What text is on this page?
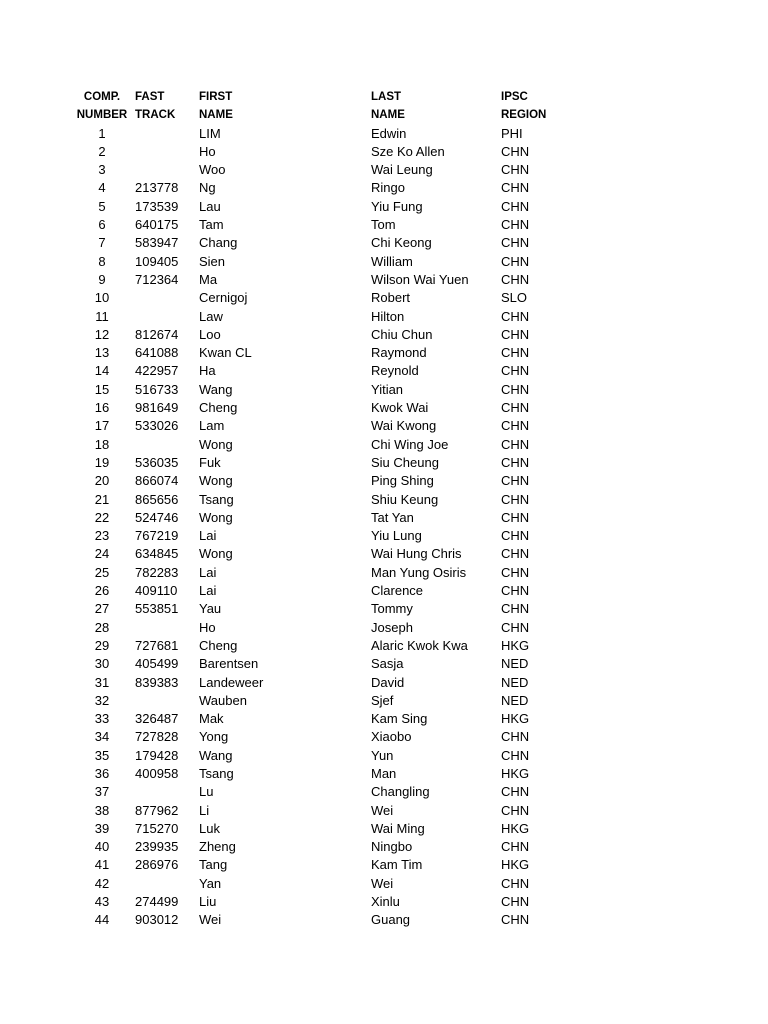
COMP.	FAST	FIRST	LAST	IPSC
NUMBER	TRACK	NAME	NAME	REGION
1		LIM	Edwin	PHI
2		Ho	Sze Ko Allen	CHN
3		Woo	Wai Leung	CHN
4	213778	Ng	Ringo	CHN
5	173539	Lau	Yiu Fung	CHN
6	640175	Tam	Tom	CHN
7	583947	Chang	Chi Keong	CHN
8	109405	Sien	William	CHN
9	712364	Ma	Wilson Wai Yuen	CHN
10		Cernigoj	Robert	SLO
11		Law	Hilton	CHN
12	812674	Loo	Chiu Chun	CHN
13	641088	Kwan CL	Raymond	CHN
14	422957	Ha	Reynold	CHN
15	516733	Wang	Yitian	CHN
16	981649	Cheng	Kwok Wai	CHN
17	533026	Lam	Wai Kwong	CHN
18		Wong	Chi Wing Joe	CHN
19	536035	Fuk	Siu Cheung	CHN
20	866074	Wong	Ping Shing	CHN
21	865656	Tsang	Shiu Keung	CHN
22	524746	Wong	Tat Yan	CHN
23	767219	Lai	Yiu Lung	CHN
24	634845	Wong	Wai Hung Chris	CHN
25	782283	Lai	Man Yung Osiris	CHN
26	409110	Lai	Clarence	CHN
27	553851	Yau	Tommy	CHN
28		Ho	Joseph	CHN
29	727681	Cheng	Alaric Kwok Kwa	HKG
30	405499	Barentsen	Sasja	NED
31	839383	Landeweer	David	NED
32		Wauben	Sjef	NED
33	326487	Mak	Kam Sing	HKG
34	727828	Yong	Xiaobo	CHN
35	179428	Wang	Yun	CHN
36	400958	Tsang	Man	HKG
37		Lu	Changling	CHN
38	877962	Li	Wei	CHN
39	715270	Luk	Wai Ming	HKG
40	239935	Zheng	Ningbo	CHN
41	286976	Tang	Kam Tim	HKG
42		Yan	Wei	CHN
43	274499	Liu	Xinlu	CHN
44	903012	Wei	Guang	CHN
